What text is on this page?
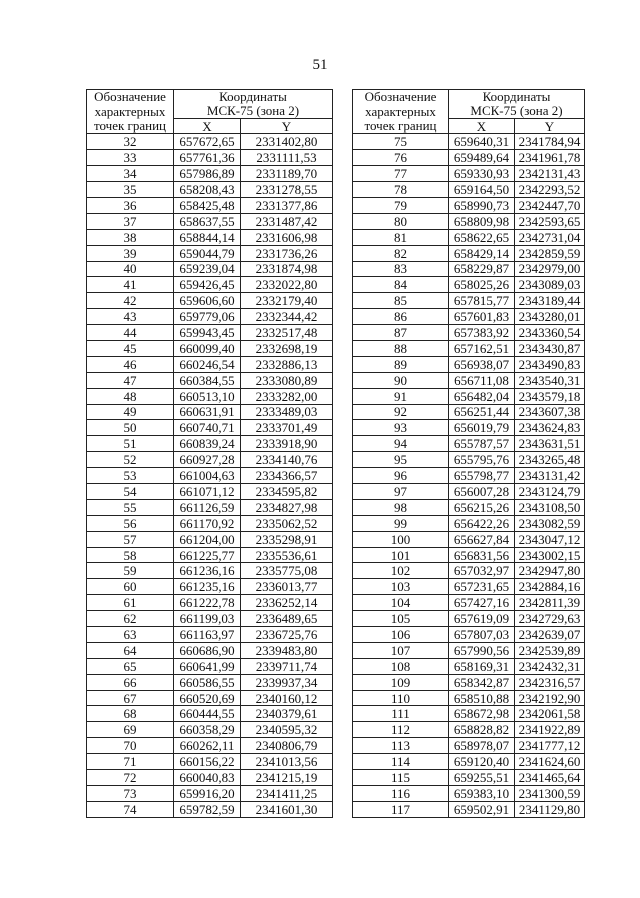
51
Обозначение
характерных
точек границ	Координаты
МСК-75 (зона 2)	

	X	Y
32	657672,65	2331402,80
33	657761,36	2331111,53
34	657986,89	2331189,70
35	658208,43	2331278,55
36	658425,48	2331377,86
37	658637,55	2331487,42
38	658844,14	2331606,98
39	659044,79	2331736,26
40	659239,04	2331874,98
41	659426,45	2332022,80
42	659606,60	2332179,40
43	659779,06	2332344,42
44	659943,45	2332517,48
45	660099,40	2332698,19
46	660246,54	2332886,13
47	660384,55	2333080,89
48	660513,10	2333282,00
49	660631,91	2333489,03
50	660740,71	2333701,49
51	660839,24	2333918,90
52	660927,28	2334140,76
53	661004,63	2334366,57
54	661071,12	2334595,82
55	661126,59	2334827,98
56	661170,92	2335062,52
57	661204,00	2335298,91
58	661225,77	2335536,61
59	661236,16	2335775,08
60	661235,16	2336013,77
61	661222,78	2336252,14
62	661199,03	2336489,65
63	661163,97	2336725,76
64	660686,90	2339483,80
65	660641,99	2339711,74
66	660586,55	2339937,34
67	660520,69	2340160,12
68	660444,55	2340379,61
69	660358,29	2340595,32
70	660262,11	2340806,79
71	660156,22	2341013,56
72	660040,83	2341215,19
73	659916,20	2341411,25
74	659782,59	2341601,30
Обозначение
характерных
точек границ	Координаты
МСК-75 (зона 2)	

	X	Y
75	659640,31	2341784,94
76	659489,64	2341961,78
77	659330,93	2342131,43
78	659164,50	2342293,52
79	658990,73	2342447,70
80	658809,98	2342593,65
81	658622,65	2342731,04
82	658429,14	2342859,59
83	658229,87	2342979,00
84	658025,26	2343089,03
85	657815,77	2343189,44
86	657601,83	2343280,01
87	657383,92	2343360,54
88	657162,51	2343430,87
89	656938,07	2343490,83
90	656711,08	2343540,31
91	656482,04	2343579,18
92	656251,44	2343607,38
93	656019,79	2343624,83
94	655787,57	2343631,51
95	655795,76	2343265,48
96	655798,77	2343131,42
97	656007,28	2343124,79
98	656215,26	2343108,50
99	656422,26	2343082,59
100	656627,84	2343047,12
101	656831,56	2343002,15
102	657032,97	2342947,80
103	657231,65	2342884,16
104	657427,16	2342811,39
105	657619,09	2342729,63
106	657807,03	2342639,07
107	657990,56	2342539,89
108	658169,31	2342432,31
109	658342,87	2342316,57
110	658510,88	2342192,90
111	658672,98	2342061,58
112	658828,82	2341922,89
113	658978,07	2341777,12
114	659120,40	2341624,60
115	659255,51	2341465,64
116	659383,10	2341300,59
117	659502,91	2341129,80
